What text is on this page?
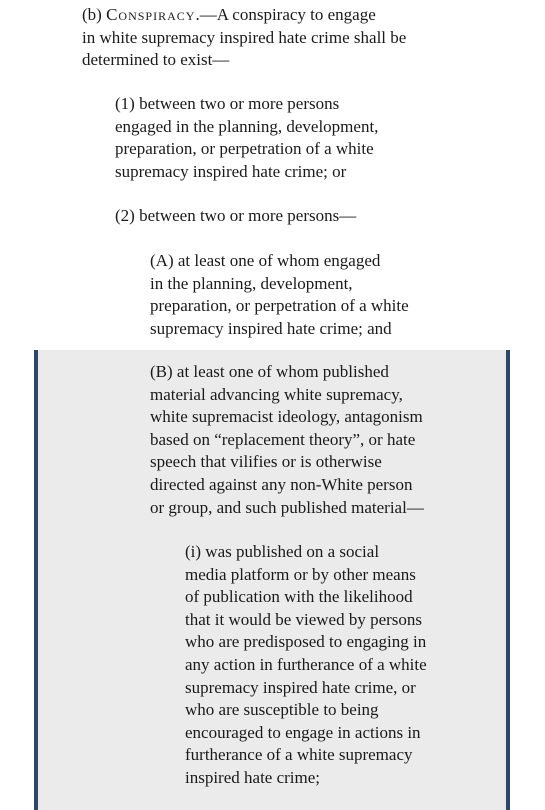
(b) Conspiracy.—A conspiracy to engage
in white supremacy inspired hate crime shall be
determined to exist—
(1) between two or more persons
engaged in the planning, development,
preparation, or perpetration of a white
supremacy inspired hate crime; or
(2) between two or more persons—
(A) at least one of whom engaged
in the planning, development,
preparation, or perpetration of a white
supremacy inspired hate crime; and
(B) at least one of whom published
material advancing white supremacy,
white supremacist ideology, antagonism
based on “replacement theory”, or hate
speech that vilifies or is otherwise
directed against any non-White person
or group, and such published material—
(i) was published on a social
media platform or by other means
of publication with the likelihood
that it would be viewed by persons
who are predisposed to engaging in
any action in furtherance of a white
supremacy inspired hate crime, or
who are susceptible to being
encouraged to engage in actions in
furtherance of a white supremacy
inspired hate crime;
